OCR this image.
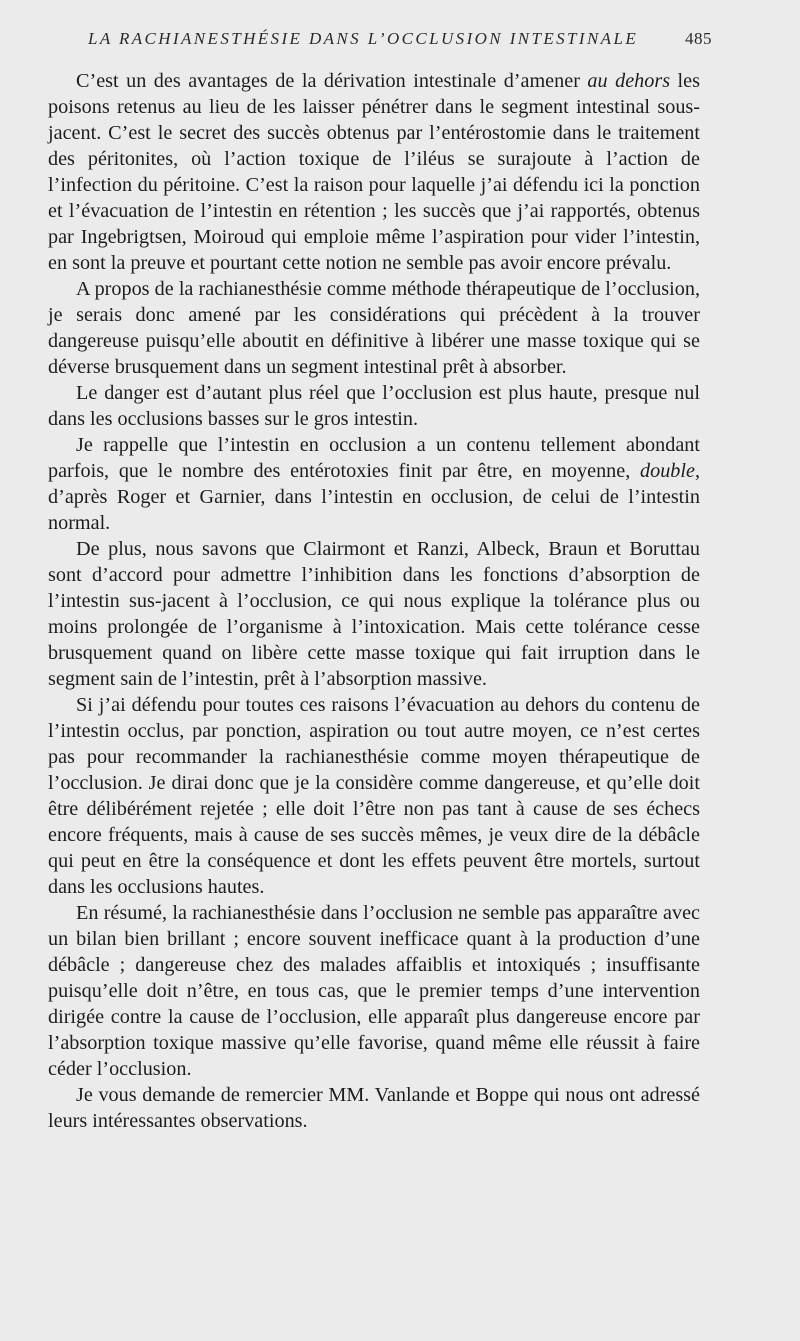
LA RACHIANESTHÉSIE DANS L’OCCLUSION INTESTINALE	485

C’est un des avantages de la dérivation intestinale d’amener au dehors les poisons retenus au lieu de les laisser pénétrer dans le segment intestinal sous-jacent. C’est le secret des succès obtenus par l’entérostomie dans le traitement des péritonites, où l’action toxique de l’iléus se surajoute à l’action de l’infection du péritoine. C’est la raison pour laquelle j’ai défendu ici la ponction et l’évacuation de l’intestin en rétention ; les succès que j’ai rapportés, obtenus par Ingebrigtsen, Moiroud qui emploie même l’aspiration pour vider l’intestin, en sont la preuve et pourtant cette notion ne semble pas avoir encore prévalu.

A propos de la rachianesthésie comme méthode thérapeutique de l’occlusion, je serais donc amené par les considérations qui précèdent à la trouver dangereuse puisqu’elle aboutit en définitive à libérer une masse toxique qui se déverse brusquement dans un segment intestinal prêt à absorber.

Le danger est d’autant plus réel que l’occlusion est plus haute, presque nul dans les occlusions basses sur le gros intestin.

Je rappelle que l’intestin en occlusion a un contenu tellement abondant parfois, que le nombre des entérotoxies finit par être, en moyenne, double, d’après Roger et Garnier, dans l’intestin en occlusion, de celui de l’intestin normal.

De plus, nous savons que Clairmont et Ranzi, Albeck, Braun et Boruttau sont d’accord pour admettre l’inhibition dans les fonctions d’absorption de l’intestin sus-jacent à l’occlusion, ce qui nous explique la tolérance plus ou moins prolongée de l’organisme à l’intoxication. Mais cette tolérance cesse brusquement quand on libère cette masse toxique qui fait irruption dans le segment sain de l’intestin, prêt à l’absorption massive.

Si j’ai défendu pour toutes ces raisons l’évacuation au dehors du contenu de l’intestin occlus, par ponction, aspiration ou tout autre moyen, ce n’est certes pas pour recommander la rachianesthésie comme moyen thérapeutique de l’occlusion. Je dirai donc que je la considère comme dangereuse, et qu’elle doit être délibérément rejetée ; elle doit l’être non pas tant à cause de ses échecs encore fréquents, mais à cause de ses succès mêmes, je veux dire de la débâcle qui peut en être la conséquence et dont les effets peuvent être mortels, surtout dans les occlusions hautes.

En résumé, la rachianesthésie dans l’occlusion ne semble pas apparaître avec un bilan bien brillant ; encore souvent inefficace quant à la production d’une débâcle ; dangereuse chez des malades affaiblis et intoxiqués ; insuffisante puisqu’elle doit n’être, en tous cas, que le premier temps d’une intervention dirigée contre la cause de l’occlusion, elle apparaît plus dangereuse encore par l’absorption toxique massive qu’elle favorise, quand même elle réussit à faire céder l’occlusion.

Je vous demande de remercier MM. Vanlande et Boppe qui nous ont adressé leurs intéressantes observations.
